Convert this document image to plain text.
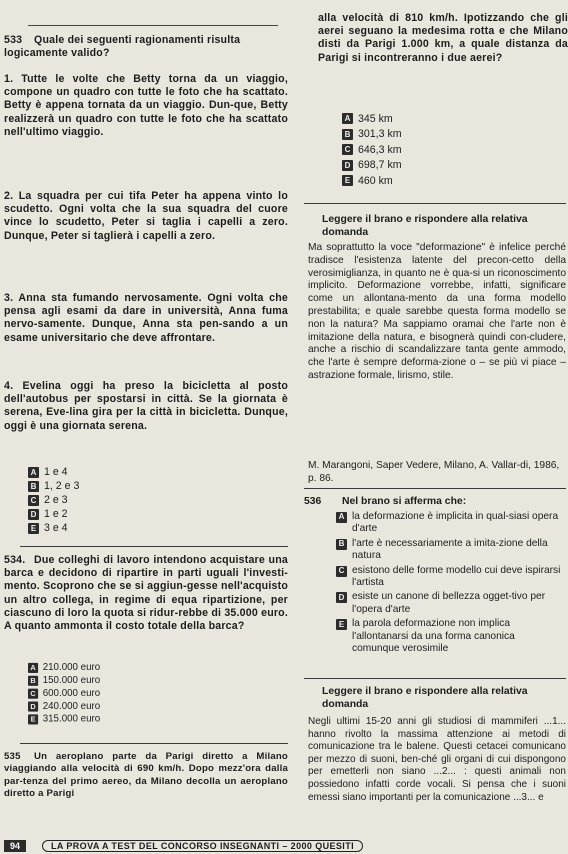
533 Quale dei seguenti ragionamenti risulta logicamente valido?
1. Tutte le volte che Betty torna da un viaggio, compone un quadro con tutte le foto che ha scattato. Betty è appena tornata da un viaggio. Dun-que, Betty realizzerà un quadro con tutte le foto che ha scattato nell'ultimo viaggio.
2. La squadra per cui tifa Peter ha appena vinto lo scudetto. Ogni volta che la sua squadra del cuore vince lo scudetto, Peter si taglia i capelli a zero. Dunque, Peter si taglierà i capelli a zero.
3. Anna sta fumando nervosamente. Ogni volta che pensa agli esami da dare in università, Anna fuma nervo-samente. Dunque, Anna sta pen-sando a un esame universitario che deve affrontare.
4. Evelina oggi ha preso la bicicletta al posto dell'autobus per spostarsi in città. Se la giornata è serena, Eve-lina gira per la città in bicicletta. Dunque, oggi è una giornata serena.
A 1 e 4
B 1, 2 e 3
C 2 e 3
D 1 e 2
E 3 e 4
534. Due colleghi di lavoro intendono acquistare una barca e decidono di ripartire in parti uguali l'investi-mento. Scoprono che se si aggiun-gesse nell'acquisto un altro collega, in regime di equa ripartizione, per ciascuno di loro la quota si ridur-rebbe di 35.000 euro. A quanto ammonta il costo totale della barca?
A 210.000 euro
B 150.000 euro
C 600.000 euro
D 240.000 euro
E 315.000 euro
535 Un aeroplano parte da Parigi diretto a Milano viaggiando alla velocità di 690 km/h. Dopo mezz'ora dalla par-tenza del primo aereo, da Milano decolla un aeroplano diretto a Parigi
alla velocità di 810 km/h. Ipotizzando che gli aerei seguano la medesima rotta e che Milano disti da Parigi 1.000 km, a quale distanza da Parigi si incontreranno i due aerei?
A 345 km
B 301,3 km
C 646,3 km
D 698,7 km
E 460 km
Leggere il brano e rispondere alla relativa domanda
Ma soprattutto la voce "deformazione" è infelice perché tradisce l'esistenza latente del precon-cetto della verosimiglianza, in quanto ne è qua-si un riconoscimento implicito. Deformazione vorrebbe, infatti, significare come un allontana-mento da una forma modello prestabilita; e quale sarebbe questa forma modello se non la natura? Ma sappiamo oramai che l'arte non è imitazione della natura, e bisognerà quindi con-cludere, anche a rischio di scandalizzare tanta gente ammodo, che l'arte è sempre deforma-zione o – se più vi piace – astrazione formale, lirismo, stile.
M. Marangoni, Saper Vedere, Milano, A. Vallar-di, 1986, p. 86.
536 Nel brano si afferma che:
A la deformazione è implicita in qual-siasi opera d'arte
B l'arte è necessariamente a imita-zione della natura
C esistono delle forme modello cui deve ispirarsi l'artista
D esiste un canone di bellezza ogget-tivo per l'opera d'arte
E la parola deformazione non implica l'allontanarsi da una forma canonica comunque verosimile
Leggere il brano e rispondere alla relativa domanda
Negli ultimi 15-20 anni gli studiosi di mammiferi ...1... hanno rivolto la massima attenzione ai metodi di comunicazione tra le balene. Questi cetacei comunicano per mezzo di suoni, ben-ché gli organi di cui dispongono per emetterli non siano ...2... : questi animali non possiedono infatti corde vocali. Si pensa che i suoni emessi siano importanti per la comunicazione ...3... e
94	LA PROVA A TEST DEL CONCORSO INSEGNANTI – 2000 QUESITI
